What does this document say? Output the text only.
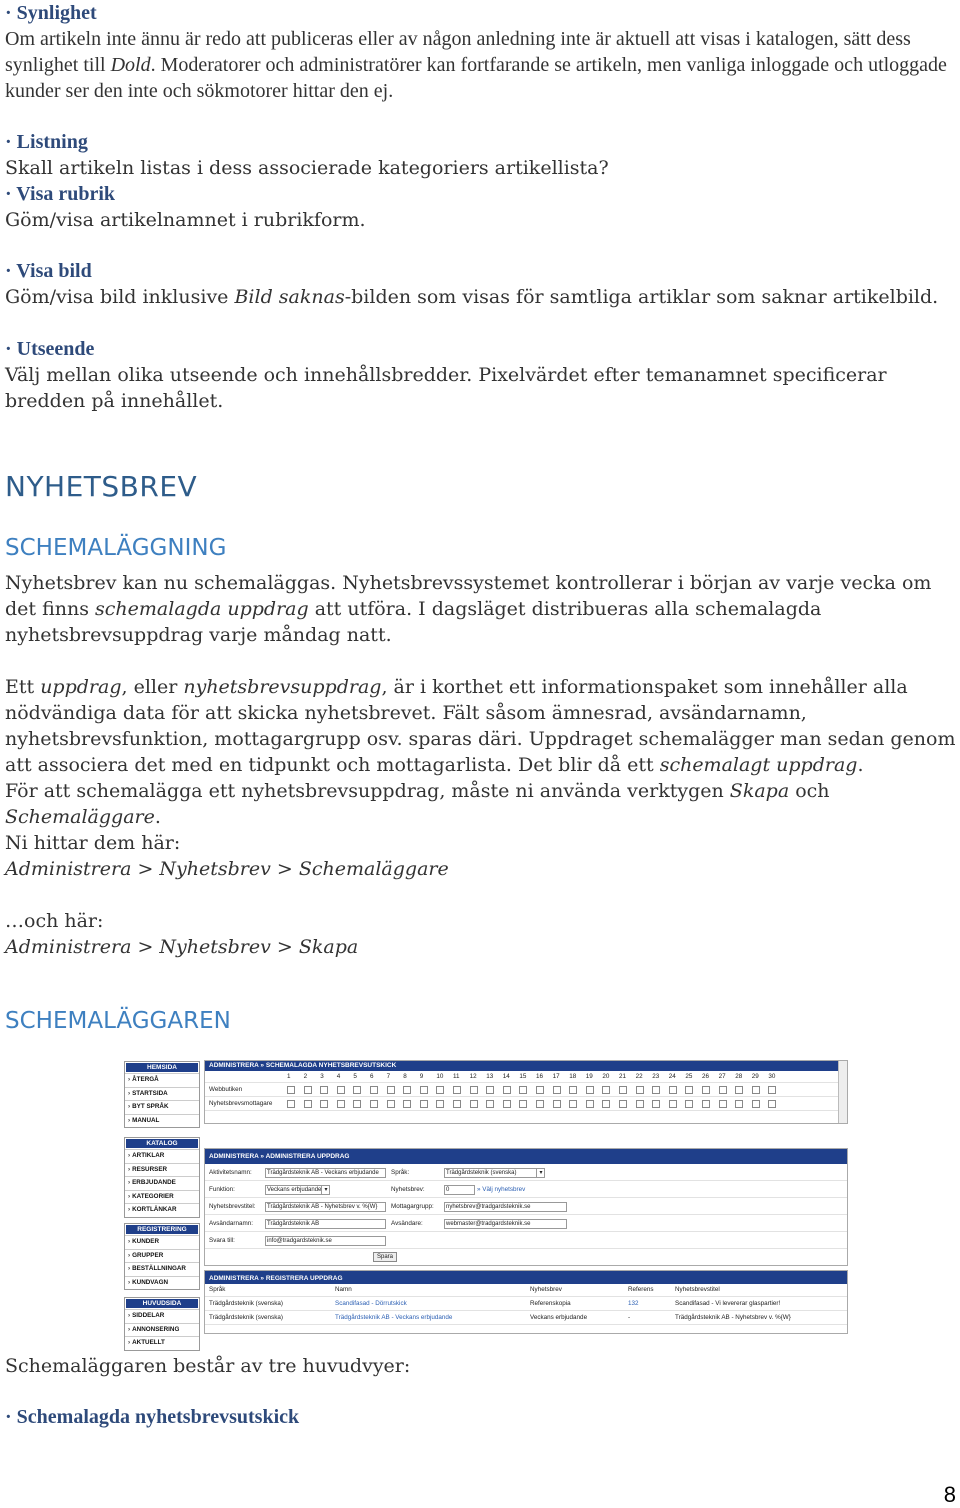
· Synlighet

Om artikeln inte ännu är redo att publiceras eller av någon anledning inte är aktuell att visas i katalogen, sätt dess synlighet till Dold. Moderatorer och administratörer kan fortfarande se artikeln, men vanliga inloggade och utloggade kunder ser den inte och sökmotorer hittar den ej.

· Listning

Skall artikeln listas i dess associerade kategoriers artikellista?

· Visa rubrik

Göm/visa artikelnamnet i rubrikform.

· Visa bild

Göm/visa bild inklusive Bild saknas-bilden som visas för samtliga artiklar som saknar artikelbild.

· Utseende

Välj mellan olika utseende och innehållsbredder. Pixelvärdet efter temanamnet specificerar bredden på innehållet.

NYHETSBREV
SCHEMALÄGGNING

Nyhetsbrev kan nu schemaläggas. Nyhetsbrevssystemet kontrollerar i början av varje vecka om det finns schemalagda uppdrag att utföra. I dagsläget distribueras alla schemalagda nyhetsbrevsuppdrag varje måndag natt.

Ett uppdrag, eller nyhetsbrevsuppdrag, är i korthet ett informationspaket som innehåller alla nödvändiga data för att skicka nyhetsbrevet. Fält såsom ämnesrad, avsändarnamn, nyhetsbrevsfunktion, mottagargrupp osv. sparas däri. Uppdraget schemalägger man sedan genom att associera det med en tidpunkt och mottagarlista. Det blir då ett schemalagt uppdrag.

För att schemalägga ett nyhetsbrevsuppdrag, måste ni använda verktygen Skapa och Schemaläggare.

Ni hittar dem här:

Administrera > Nyhetsbrev > Schemaläggare

…och här:

Administrera > Nyhetsbrev > Skapa

SCHEMALÄGGAREN
HEMSIDA
› ÅTERGÅ
› STARTSIDA
› BYT SPRÅK
› MANUAL
KATALOG
› ARTIKLAR
› RESURSER
› ERBJUDANDE
› KATEGORIER
› KORTLÄNKAR
REGISTRERING
› KUNDER
› GRUPPER
› BESTÄLLNINGAR
› KUNDVAGN
HUVUDSIDA
› SIDDELAR
› ANNONSERING
› AKTUELLT
ADMINISTRERA » SCHEMALAGDA NYHETSBREVSUTSKICK
1 2 3 4 5 6 7 8 9 10 11 12 13 14 15 16 17 18 19 20 21 22 23 24 25 26 27 28 29 30
Webbutiken
Nyhetsbrevsmottagare
ADMINISTRERA » ADMINISTRERA UPPDRAG
Aktivitetsnamn:	Trädgårdsteknik AB - Veckans erbjudande	Språk:	Trädgårdsteknik (svenska)	▾
Funktion:	Veckans erbjudande ▾	Nyhetsbrev:	0	» Välj nyhetsbrev
Nyhetsbrevstitel:	Trädgårdsteknik AB - Nyhetsbrev v. %{W}	Mottagargrupp:	nyhetsbrev@tradgardsteknik.se
Avsändarnamn:	Trädgårdsteknik AB	Avsändare:	webmaster@tradgardsteknik.se
Svara till:	info@tradgardsteknik.se
Spara
ADMINISTRERA » REGISTRERA UPPDRAG
Språk	Namn	Nyhetsbrev	Referens	Nyhetsbrevstitel
Trädgårdsteknik (svenska)	Scandifasad - Dörrutskick	Referenskopia	132	Scandifasad - Vi levererar glaspartier!
Trädgårdsteknik (svenska)	Trädgårdsteknik AB - Veckans erbjudande	Veckans erbjudande	-	Trädgårdsteknik AB - Nyhetsbrev v. %{W}

Schemaläggaren består av tre huvudvyer:

· Schemalagda nyhetsbrevsutskick
8
